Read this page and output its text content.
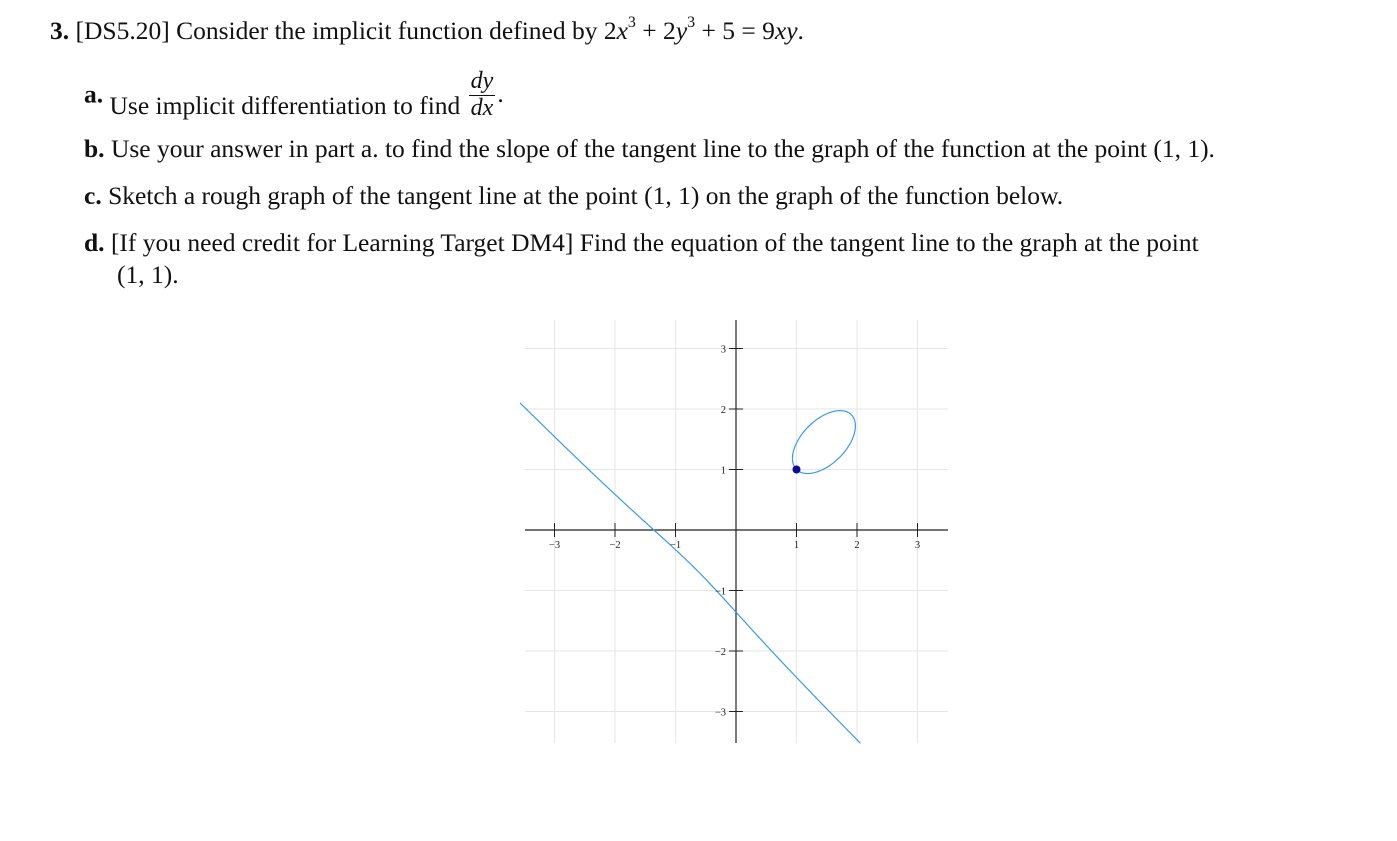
3. [DS5.20] Consider the implicit function defined by $2x^3 + 2y^3 + 5 = 9xy$.
a. Use implicit differentiation to find $\frac{dy}{dx}$ .
b. Use your answer in part a. to find the slope of the tangent line to the graph of the function at the point (1, 1).
c. Sketch a rough graph of the tangent line at the point (1, 1) on the graph of the function below.
d. [If you need credit for Learning Target DM4] Find the equation of the tangent line to the graph at the point
(1, 1).
−3	−2	−1	1	2	3
−3
−2
−1
1
2
3
